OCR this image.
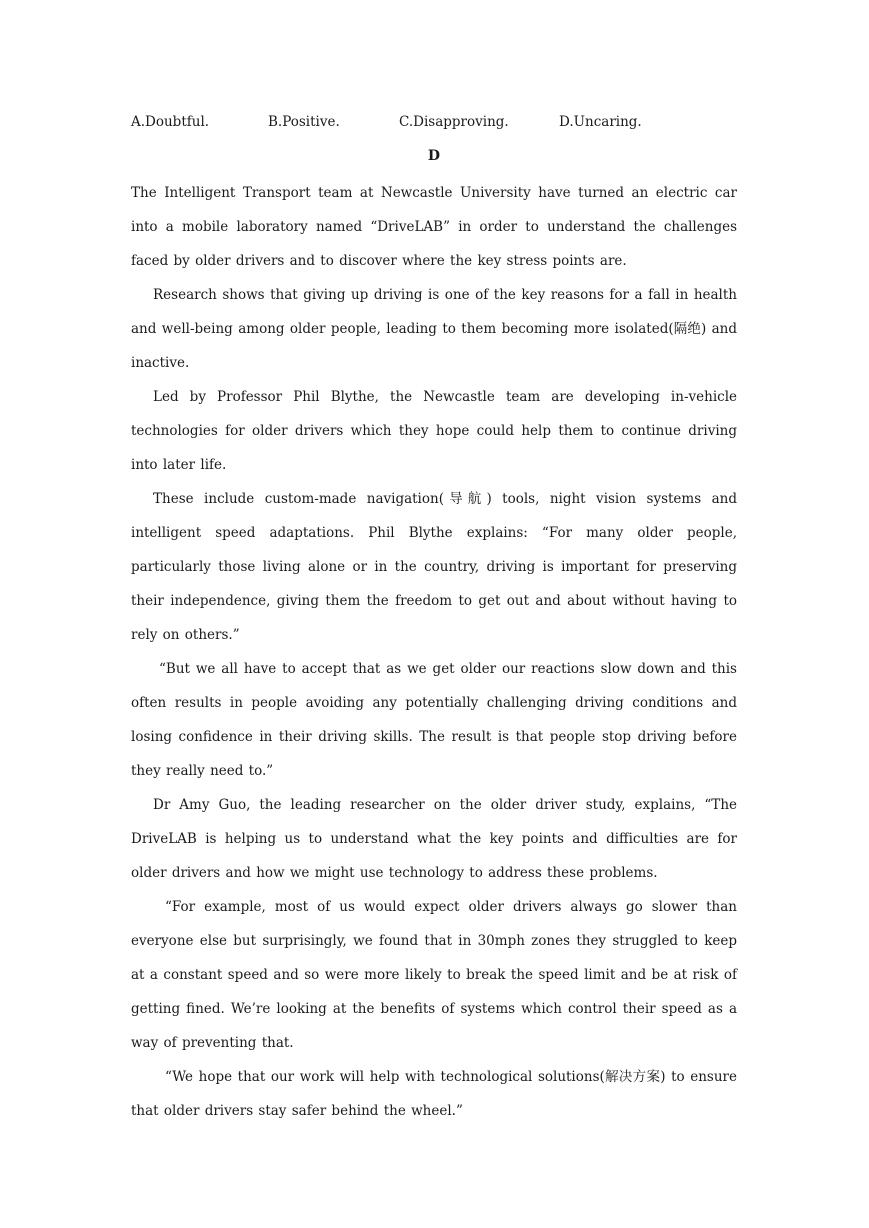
A.Doubtful.	B.Positive.	C.Disapproving.	D.Uncaring.
D

The Intelligent Transport team at Newcastle University have turned an electric car into a mobile laboratory named “DriveLAB” in order to understand the challenges faced by older drivers and to discover where the key stress points are.

Research shows that giving up driving is one of the key reasons for a fall in health and well-being among older people, leading to them becoming more isolated(隔绝) and inactive.

Led by Professor Phil Blythe, the Newcastle team are developing in-vehicle technologies for older drivers which they hope could help them to continue driving into later life.

These include custom-made navigation(导航) tools, night vision systems and intelligent speed adaptations. Phil Blythe explains: “For many older people, particularly those living alone or in the country, driving is important for preserving their independence, giving them the freedom to get out and about without having to rely on others.”

“But we all have to accept that as we get older our reactions slow down and this often results in people avoiding any potentially challenging driving conditions and losing confidence in their driving skills. The result is that people stop driving before they really need to.”

Dr Amy Guo, the leading researcher on the older driver study, explains, “The DriveLAB is helping us to understand what the key points and difficulties are for older drivers and how we might use technology to address these problems.

“For example, most of us would expect older drivers always go slower than everyone else but surprisingly, we found that in 30mph zones they struggled to keep at a constant speed and so were more likely to break the speed limit and be at risk of getting fined. We’re looking at the benefits of systems which control their speed as a way of preventing that.

“We hope that our work will help with technological solutions(解决方案) to ensure that older drivers stay safer behind the wheel.”
